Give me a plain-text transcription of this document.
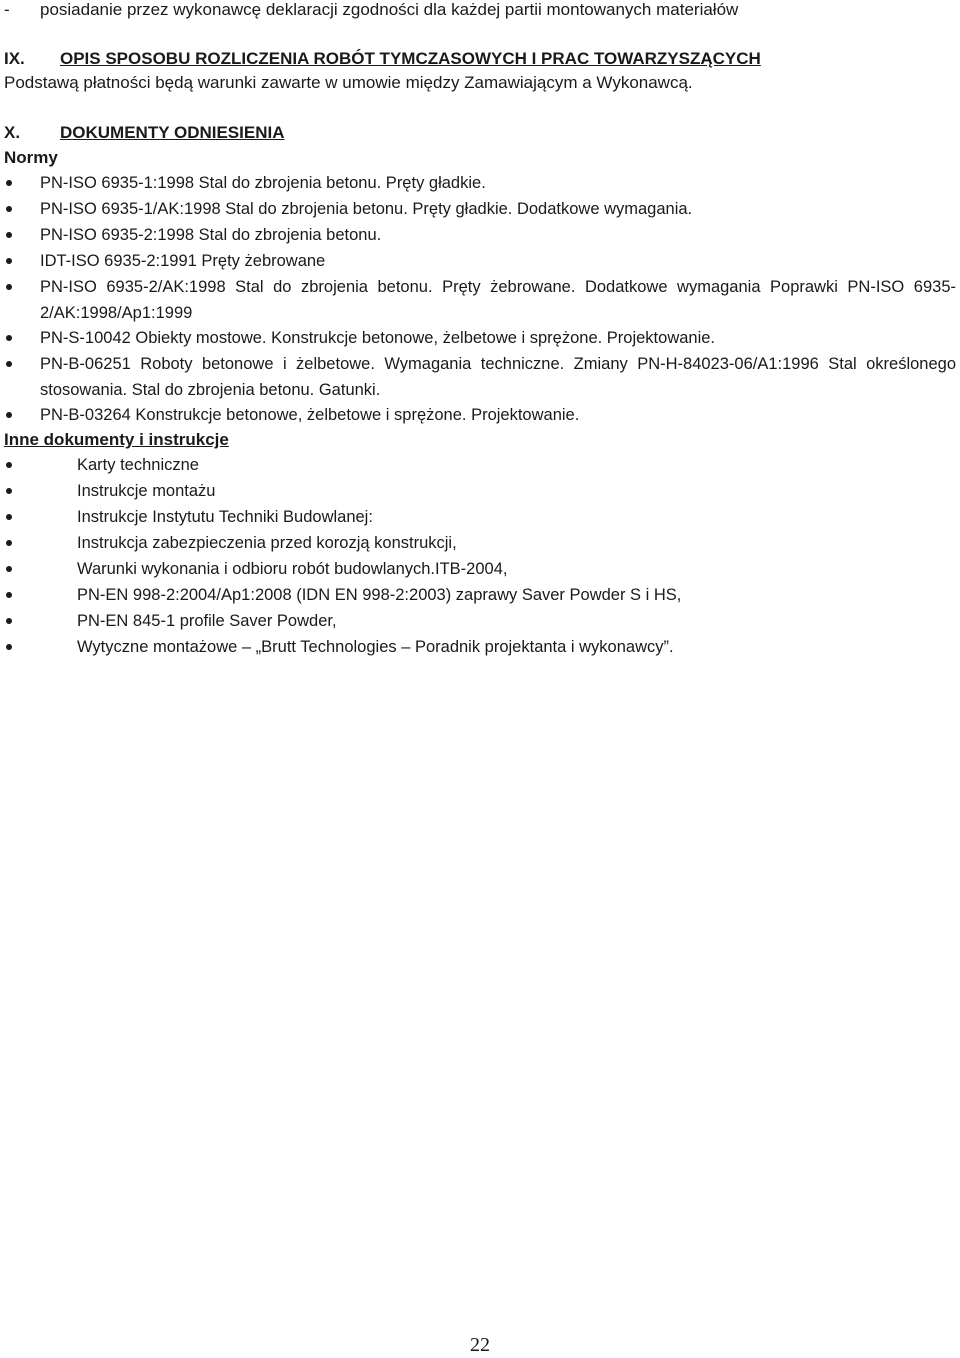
- posiadanie przez wykonawcę deklaracji zgodności dla każdej partii montowanych materiałów
IX. OPIS SPOSOBU ROZLICZENIA ROBÓT TYMCZASOWYCH I PRAC TOWARZYSZĄCYCH
Podstawą płatności będą warunki zawarte w umowie między Zamawiającym a Wykonawcą.
X. DOKUMENTY ODNIESIENIA
Normy
PN-ISO 6935-1:1998 Stal do zbrojenia betonu. Pręty gładkie.
PN-ISO 6935-1/AK:1998 Stal do zbrojenia betonu. Pręty gładkie. Dodatkowe wymagania.
PN-ISO 6935-2:1998 Stal do zbrojenia betonu.
IDT-ISO 6935-2:1991 Pręty żebrowane
PN-ISO 6935-2/AK:1998 Stal do zbrojenia betonu. Pręty żebrowane. Dodatkowe wymagania Poprawki PN-ISO 6935-2/AK:1998/Ap1:1999
PN-S-10042 Obiekty mostowe. Konstrukcje betonowe, żelbetowe i sprężone. Projektowanie.
PN-B-06251 Roboty betonowe i żelbetowe. Wymagania techniczne. Zmiany PN-H-84023-06/A1:1996 Stal określonego stosowania. Stal do zbrojenia betonu. Gatunki.
PN-B-03264 Konstrukcje betonowe, żelbetowe i sprężone. Projektowanie.
Inne dokumenty i instrukcje
Karty techniczne
Instrukcje montażu
Instrukcje Instytutu Techniki Budowlanej:
Instrukcja zabezpieczenia przed korozją konstrukcji,
Warunki wykonania i odbioru robót budowlanych.ITB-2004,
PN-EN 998-2:2004/Ap1:2008 (IDN EN 998-2:2003) zaprawy Saver Powder S i HS,
PN-EN 845-1 profile Saver Powder,
Wytyczne montażowe – „Brutt Technologies – Poradnik projektanta i wykonawcy”.
22
